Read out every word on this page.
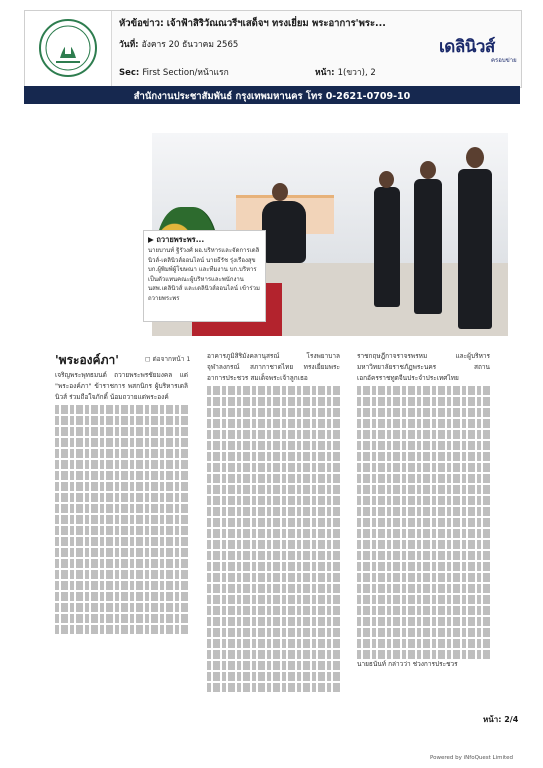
หัวข้อข่าว: เจ้าฟ้าสิริวัณณวรีฯเสด็จฯ ทรงเยี่ยม พระอาการ'พระ...
วันที่: อังคาร 20 ธันวาคม 2565
Sec: First Section/หน้าแรก	หน้า: 1(ขวา), 2
เดลินิวส์
ครอบข่าย
สำนักงานประชาสัมพันธ์ กรุงเทพมหานคร โทร 0-2621-0709-10
▶ ถวายพระพร...
นายบานท์ ฐิรัวงศ์ ผอ.บริหารและจัดการเดลินิวส์-เดลินิวส์ออนไลน์ นายธีรัช รุ่งเรืองสุข บก.ผู้พิมพ์ผู้โฆษณา และทีมงาน บก.บริหาร เป็นตัวแทนคณะผู้บริหารและพนักงาน นสพ.เดลินิวส์ และเดลินิวส์ออนไลน์ เข้าร่วมถวายพระพร
'พระองค์ภา'	◻ ต่อจากหน้า 1
เจริญพระพุทธมนต์ ถวายพระพรชัยมงคล แด่ "พระองค์ภา" ข้าราชการ พสกนิกร ผู้บริหารเดลินิวส์ ร่วมถือใจภักดิ์ น้อมถวายแด่พระองค์
อาคารภูมิสิริมังคลานุสรณ์ โรงพยาบาลจุฬาลงกรณ์ สภากาชาดไทย ทรงเยี่ยมพระอาการประชวร สมเด็จพระเจ้าลูกเธอ
ราชกฤษฎีกาจราจรพรหม และผู้บริหารมหาวิทยาลัยราชภัฏพระนคร สถานเอกอัครราชทูตจีนประจำประเทศไทย
นายธนันท์ กล่าวว่า ช่วงการประชวร
หน้า: 2/4
Powered by iNfoQuest Limited
